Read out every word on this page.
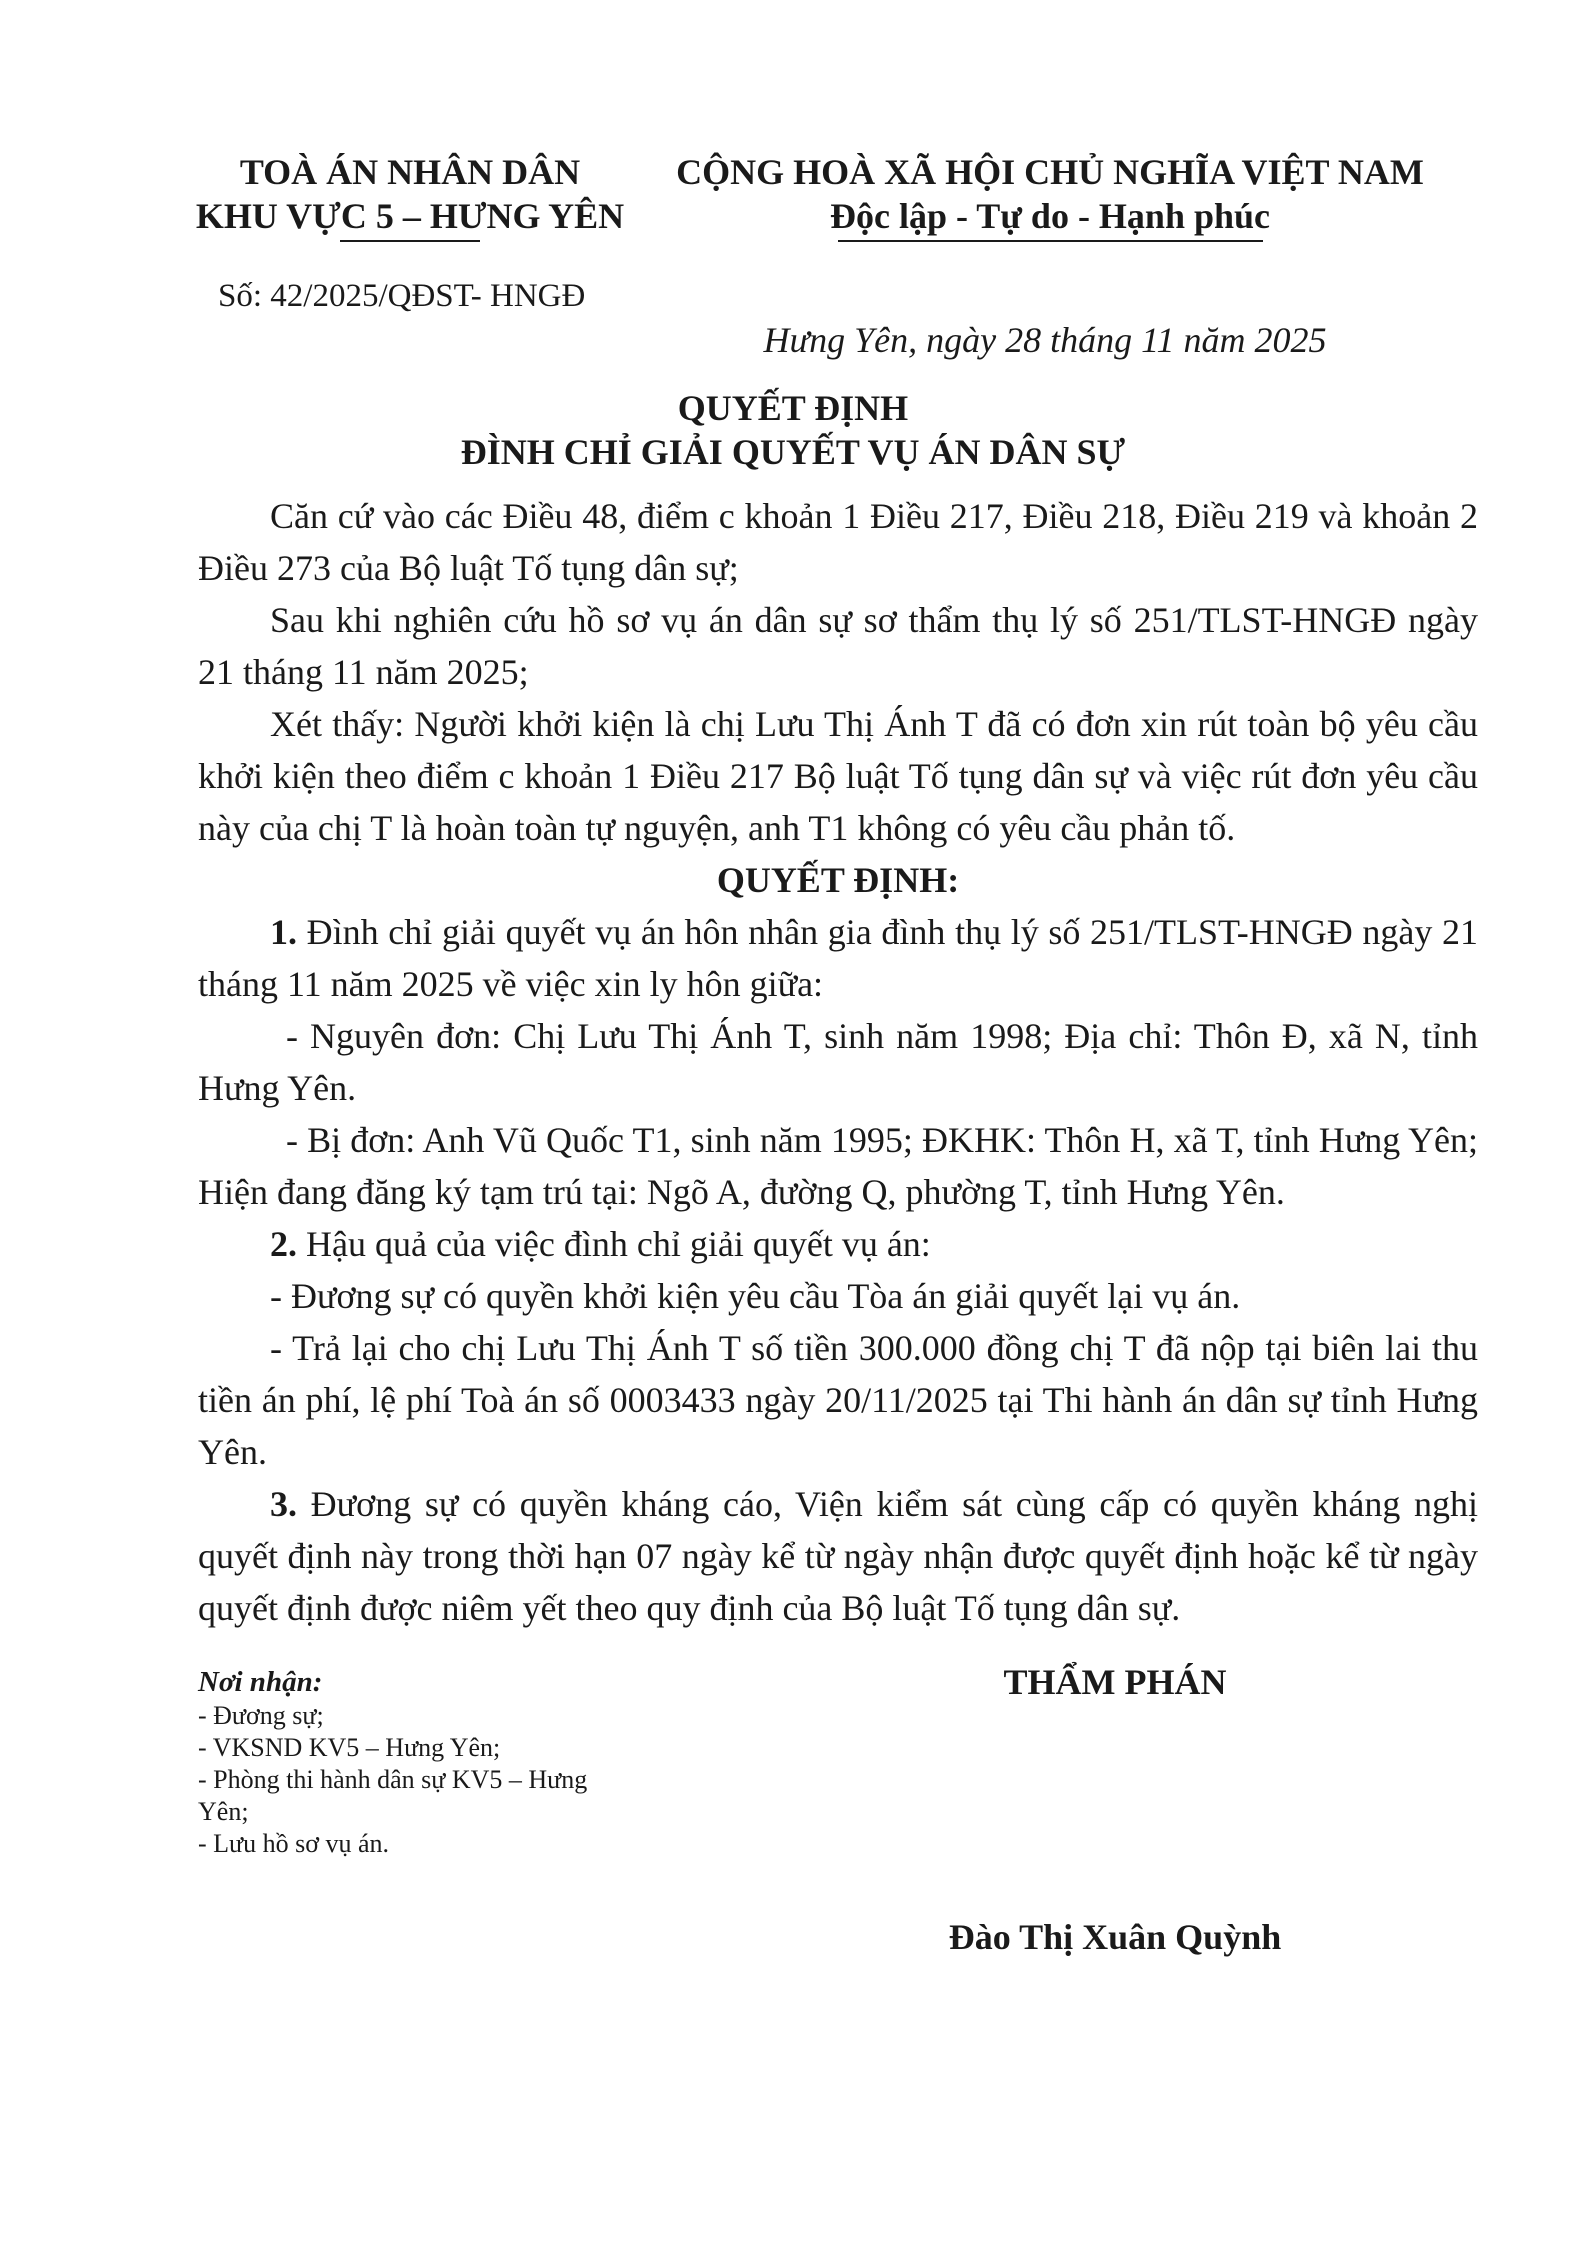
TOÀ ÁN NHÂN DÂN
KHU VỰC 5 – HƯNG YÊN
CỘNG HOÀ XÃ HỘI CHỦ NGHĨA VIỆT NAM
Độc lập - Tự do - Hạnh phúc
Số: 42/2025/QĐST- HNGĐ
Hưng Yên, ngày 28 tháng 11 năm 2025
QUYẾT ĐỊNH
ĐÌNH CHỈ GIẢI QUYẾT VỤ ÁN DÂN SỰ

Căn cứ vào các Điều 48, điểm c khoản 1 Điều 217, Điều 218, Điều 219 và khoản 2 Điều 273 của Bộ luật Tố tụng dân sự;

Sau khi nghiên cứu hồ sơ vụ án dân sự sơ thẩm thụ lý số 251/TLST-HNGĐ ngày 21 tháng 11 năm 2025;

Xét thấy: Người khởi kiện là chị Lưu Thị Ánh T đã có đơn xin rút toàn bộ yêu cầu khởi kiện theo điểm c khoản 1 Điều 217 Bộ luật Tố tụng dân sự và việc rút đơn yêu cầu này của chị T là hoàn toàn tự nguyện, anh T1 không có yêu cầu phản tố.

QUYẾT ĐỊNH:

1. Đình chỉ giải quyết vụ án hôn nhân gia đình thụ lý số 251/TLST-HNGĐ ngày 21 tháng 11 năm 2025 về việc xin ly hôn giữa:

- Nguyên đơn: Chị Lưu Thị Ánh T, sinh năm 1998; Địa chỉ: Thôn Đ, xã N, tỉnh Hưng Yên.

- Bị đơn: Anh Vũ Quốc T1, sinh năm 1995; ĐKHK: Thôn H, xã T, tỉnh Hưng Yên; Hiện đang đăng ký tạm trú tại: Ngõ A, đường Q, phường T, tỉnh Hưng Yên.

2. Hậu quả của việc đình chỉ giải quyết vụ án:

- Đương sự có quyền khởi kiện yêu cầu Tòa án giải quyết lại vụ án.

- Trả lại cho chị Lưu Thị Ánh T số tiền 300.000 đồng chị T đã nộp tại biên lai thu tiền án phí, lệ phí Toà án số 0003433 ngày 20/11/2025 tại Thi hành án dân sự tỉnh Hưng Yên.

3. Đương sự có quyền kháng cáo, Viện kiểm sát cùng cấp có quyền kháng nghị quyết định này trong thời hạn 07 ngày kể từ ngày nhận được quyết định hoặc kể từ ngày quyết định được niêm yết theo quy định của Bộ luật Tố tụng dân sự.

Nơi nhận:
- Đương sự;
- VKSND KV5 – Hưng Yên;
- Phòng thi hành dân sự KV5 – Hưng Yên;
- Lưu hồ sơ vụ án.
THẨM PHÁN
Đào Thị Xuân Quỳnh
